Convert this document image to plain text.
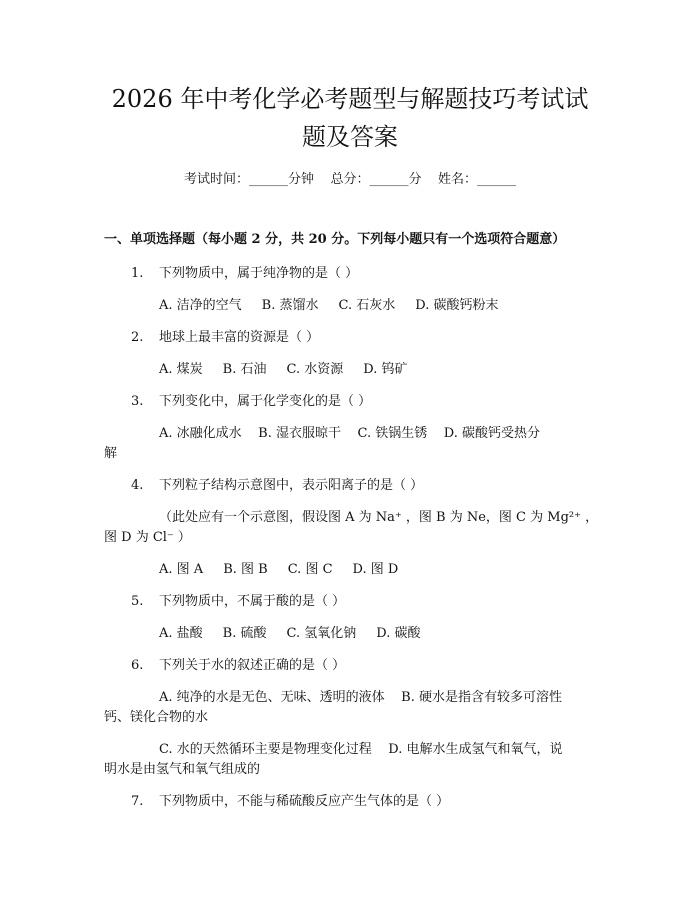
2026 年中考化学必考题型与解题技巧考试试
题及答案
考试时间：______分钟    总分：______分    姓名：______
一、单项选择题（每小题 2 分，共 20 分。下列每小题只有一个选项符合题意）
1. 下列物质中，属于纯净物的是（ ）
A. 洁净的空气 B. 蒸馏水 C. 石灰水 D. 碳酸钙粉末
2. 地球上最丰富的资源是（ ）
A. 煤炭 B. 石油 C. 水资源 D. 钨矿
3. 下列变化中，属于化学变化的是（ ）
A. 冰融化成水    B. 湿衣服晾干    C. 铁锅生锈    D. 碳酸钙受热分
解
4. 下列粒子结构示意图中，表示阳离子的是（ ）
（此处应有一个示意图，假设图 A 为 Na⁺ ，图 B 为 Ne，图 C 为 Mg²⁺ ，
图 D 为 Cl⁻ ）
A. 图 A B. 图 B C. 图 C D. 图 D
5. 下列物质中，不属于酸的是（ ）
A. 盐酸 B. 硫酸 C. 氢氧化钠 D. 碳酸
6. 下列关于水的叙述正确的是（ ）
A. 纯净的水是无色、无味、透明的液体    B. 硬水是指含有较多可溶性
钙、镁化合物的水
C. 水的天然循环主要是物理变化过程    D. 电解水生成氢气和氧气，说
明水是由氢气和氧气组成的
7. 下列物质中，不能与稀硫酸反应产生气体的是（ ）
